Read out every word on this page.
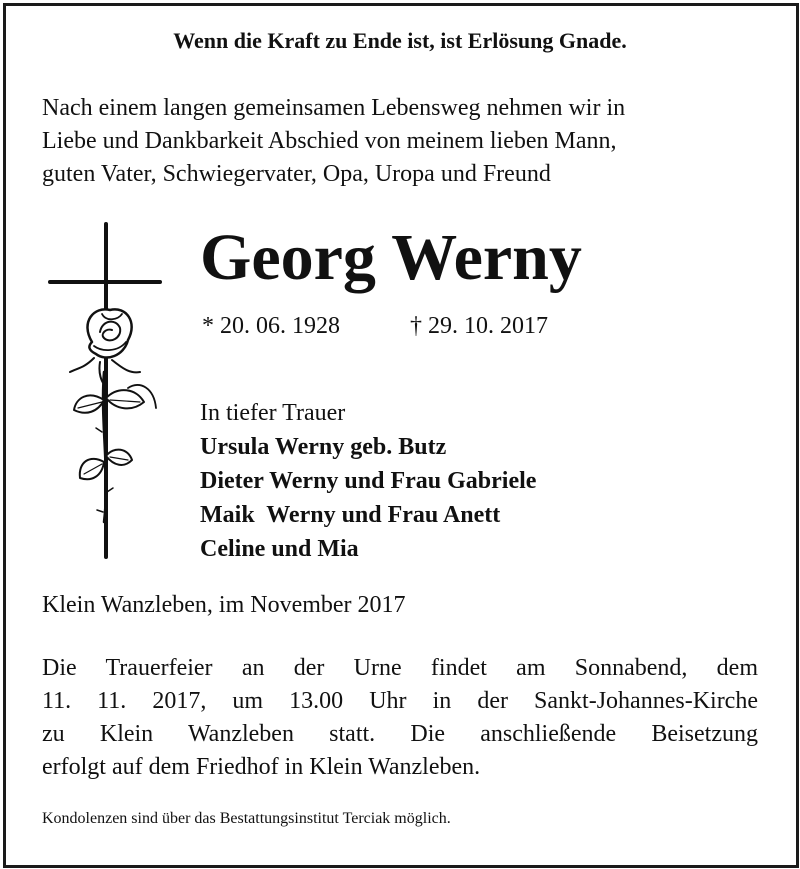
Wenn die Kraft zu Ende ist, ist Erlösung Gnade.
Nach einem langen gemeinsamen Lebensweg nehmen wir in
Liebe und Dankbarkeit Abschied von meinem lieben Mann,
guten Vater, Schwiegervater, Opa, Uropa und Freund
Georg Werny
* 20. 06. 1928	† 29. 10. 2017
In tiefer Trauer
Ursula Werny geb. Butz
Dieter Werny und Frau Gabriele
Maik  Werny und Frau Anett
Celine und Mia
Klein Wanzleben, im November 2017
Die Trauerfeier an der Urne findet am Sonnabend, dem
11. 11. 2017, um 13.00 Uhr in der Sankt-Johannes-Kirche
zu Klein Wanzleben statt. Die anschließende Beisetzung
erfolgt auf dem Friedhof in Klein Wanzleben.
Kondolenzen sind über das Bestattungsinstitut Terciak möglich.
